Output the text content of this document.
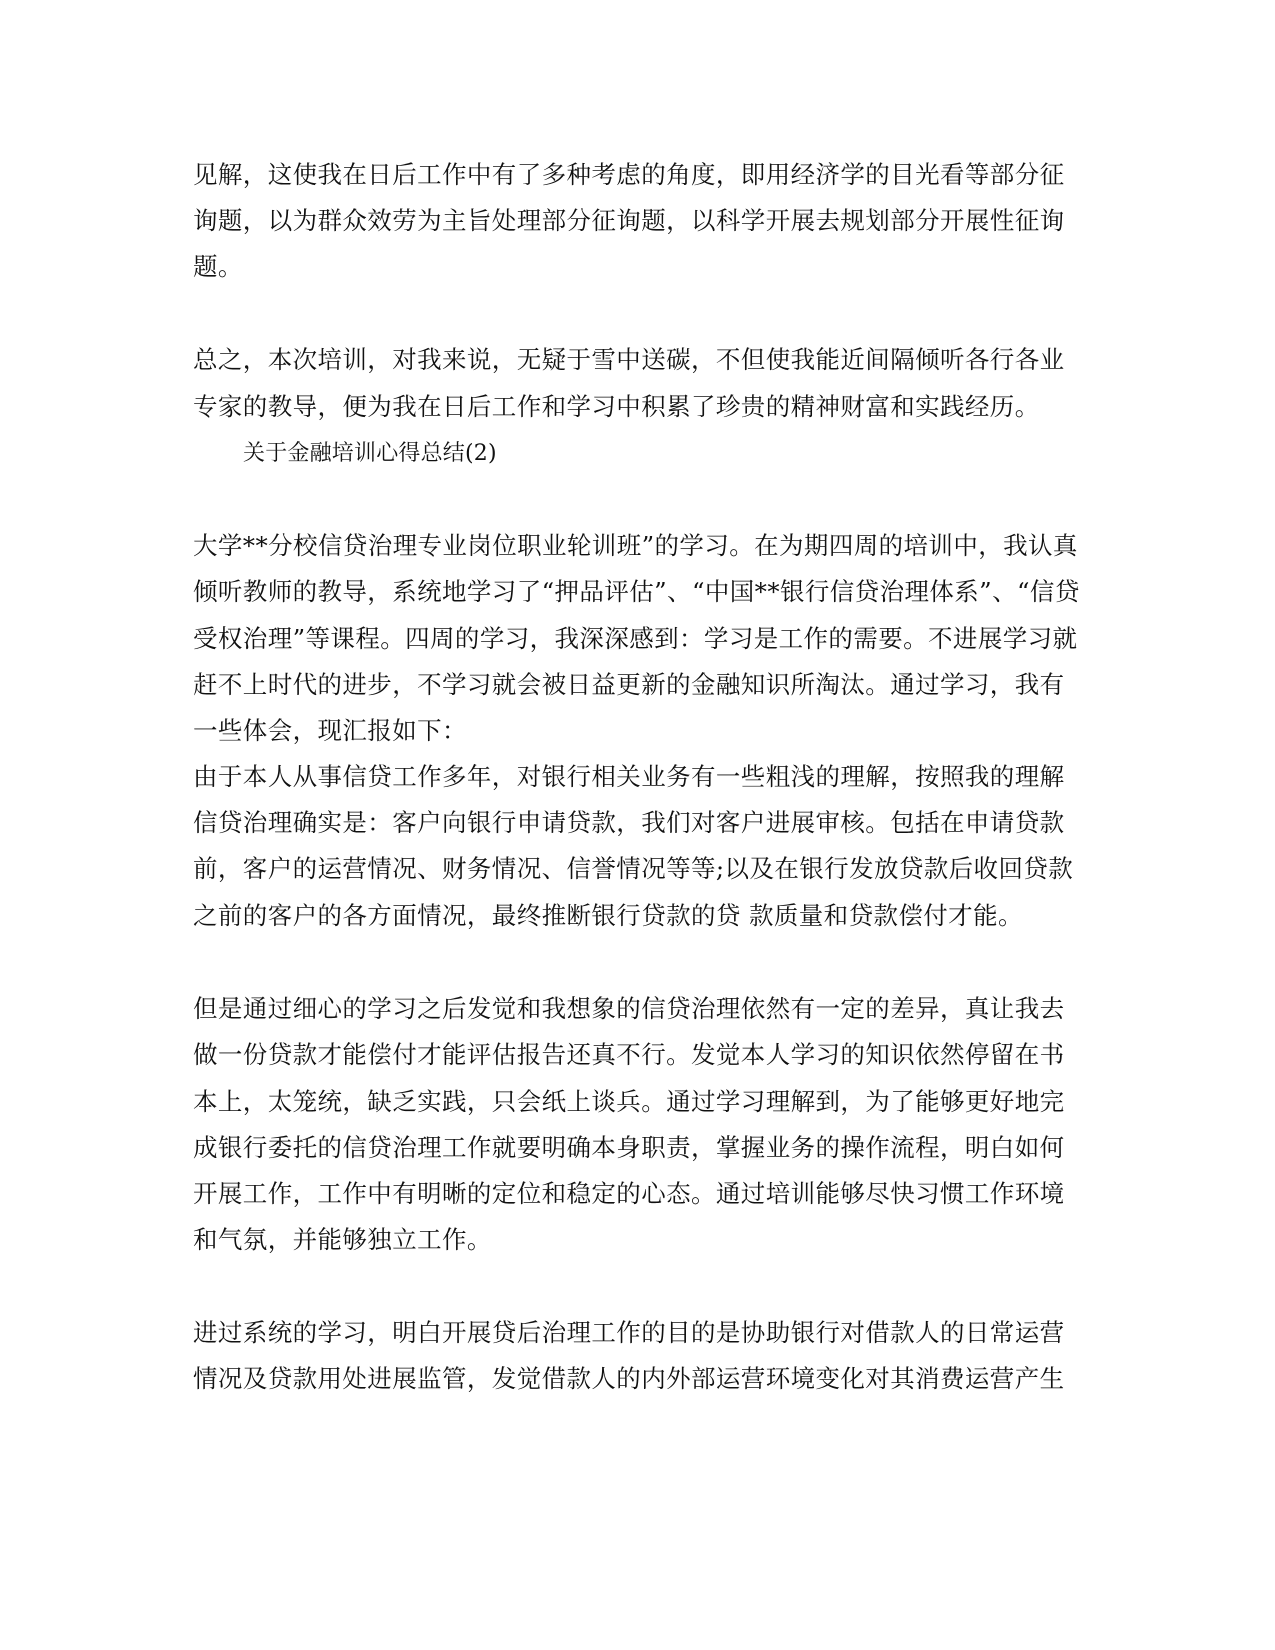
见解，这使我在日后工作中有了多种考虑的角度，即用经济学的目光看等部分征
询题，以为群众效劳为主旨处理部分征询题，以科学开展去规划部分开展性征询
题。
总之，本次培训，对我来说，无疑于雪中送碳，不但使我能近间隔倾听各行各业
专家的教导，便为我在日后工作和学习中积累了珍贵的精神财富和实践经历。
关于金融培训心得总结(2)
大学**分校信贷治理专业岗位职业轮训班”的学习。在为期四周的培训中，我认真
倾听教师的教导，系统地学习了“押品评估”、“中国**银行信贷治理体系”、“信贷
受权治理”等课程。四周的学习，我深深感到：学习是工作的需要。不进展学习就
赶不上时代的进步，不学习就会被日益更新的金融知识所淘汰。通过学习，我有
一些体会，现汇报如下：
由于本人从事信贷工作多年，对银行相关业务有一些粗浅的理解，按照我的理解
信贷治理确实是：客户向银行申请贷款，我们对客户进展审核。包括在申请贷款
前，客户的运营情况、财务情况、信誉情况等等;以及在银行发放贷款后收回贷款
之前的客户的各方面情况，最终推断银行贷款的贷 款质量和贷款偿付才能。
但是通过细心的学习之后发觉和我想象的信贷治理依然有一定的差异，真让我去
做一份贷款才能偿付才能评估报告还真不行。发觉本人学习的知识依然停留在书
本上，太笼统，缺乏实践，只会纸上谈兵。通过学习理解到，为了能够更好地完
成银行委托的信贷治理工作就要明确本身职责，掌握业务的操作流程，明白如何
开展工作，工作中有明晰的定位和稳定的心态。通过培训能够尽快习惯工作环境
和气氛，并能够独立工作。
进过系统的学习，明白开展贷后治理工作的目的是协助银行对借款人的日常运营
情况及贷款用处进展监管，发觉借款人的内外部运营环境变化对其消费运营产生
